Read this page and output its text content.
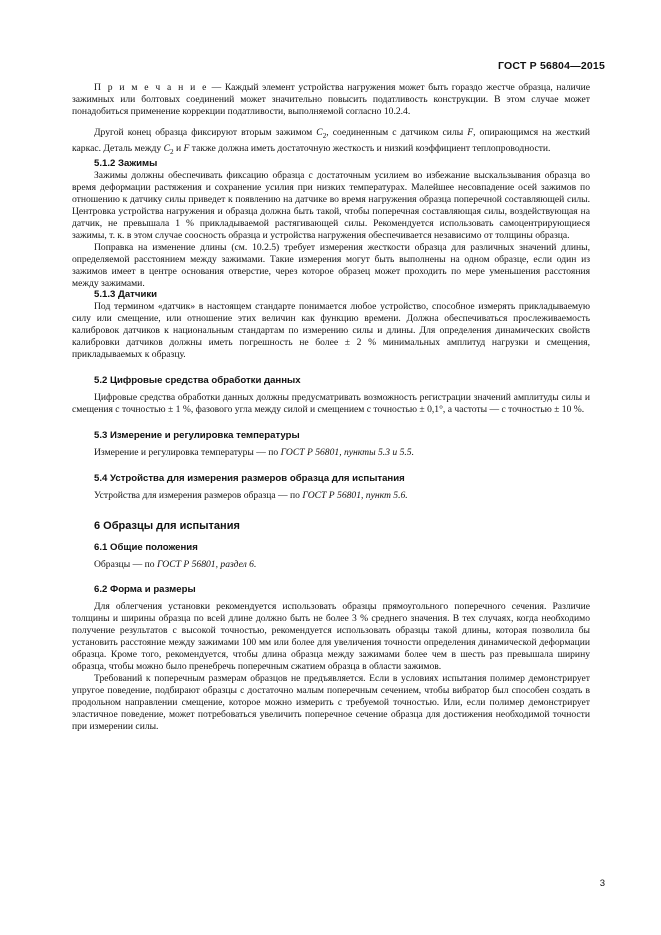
ГОСТ Р 56804—2015

П р и м е ч а н и е — Каждый элемент устройства нагружения может быть гораздо жестче образца, наличие зажимных или болтовых соединений может значительно повысить податливость конструкции. В этом случае может понадобиться применение коррекции податливости, выполняемой согласно 10.2.4.

Другой конец образца фиксируют вторым зажимом $C_2$, соединенным с датчиком силы F, опирающимся на жесткий каркас. Деталь между $C_2$ и F также должна иметь достаточную жесткость и низкий коэффициент теплопроводности.

5.1.2 Зажимы

Зажимы должны обеспечивать фиксацию образца с достаточным усилием во избежание выскальзывания образца во время деформации растяжения и сохранение усилия при низких температурах. Малейшее несовпадение осей зажимов по отношению к датчику силы приведет к появлению на датчике во время нагружения образца поперечной составляющей силы. Центровка устройства нагружения и образца должна быть такой, чтобы поперечная составляющая силы, воздействующая на датчик, не превышала 1 % прикладываемой растягивающей силы. Рекомендуется использовать самоцентрирующиеся зажимы, т. к. в этом случае соосность образца и устройства нагружения обеспечивается независимо от толщины образца.

Поправка на изменение длины (см. 10.2.5) требует измерения жесткости образца для различных значений длины, определяемой расстоянием между зажимами. Такие измерения могут быть выполнены на одном образце, если один из зажимов имеет в центре основания отверстие, через которое образец может проходить по мере уменьшения расстояния между зажимами.

5.1.3 Датчики

Под термином «датчик» в настоящем стандарте понимается любое устройство, способное измерять прикладываемую силу или смещение, или отношение этих величин как функцию времени. Должна обеспечиваться прослеживаемость калибровок датчиков к национальным стандартам по измерению силы и длины. Для определения динамических свойств калибровки датчиков должны иметь погрешность не более ± 2 % минимальных амплитуд нагрузки и смещения, прикладываемых к образцу.

5.2 Цифровые средства обработки данных

Цифровые средства обработки данных должны предусматривать возможность регистрации значений амплитуды силы и смещения с точностью ± 1 %, фазового угла между силой и смещением с точностью ± 0,1°, а частоты — с точностью ± 10 %.

5.3 Измерение и регулировка температуры

Измерение и регулировка температуры — по ГОСТ Р 56801, пункты 5.3 и 5.5.

5.4 Устройства для измерения размеров образца для испытания

Устройства для измерения размеров образца — по ГОСТ Р 56801, пункт 5.6.

6 Образцы для испытания
6.1 Общие положения

Образцы — по ГОСТ Р 56801, раздел 6.

6.2 Форма и размеры

Для облегчения установки рекомендуется использовать образцы прямоугольного поперечного сечения. Различие толщины и ширины образца по всей длине должно быть не более 3 % среднего значения. В тех случаях, когда необходимо получение результатов с высокой точностью, рекомендуется использовать образцы такой длины, которая позволила бы установить расстояние между зажимами 100 мм или более для увеличения точности определения динамической деформации образца. Кроме того, рекомендуется, чтобы длина образца между зажимами более чем в шесть раз превышала ширину образца, чтобы можно было пренебречь поперечным сжатием образца в области зажимов.

Требований к поперечным размерам образцов не предъявляется. Если в условиях испытания полимер демонстрирует упругое поведение, подбирают образцы с достаточно малым поперечным сечением, чтобы вибратор был способен создать в продольном направлении смещение, которое можно измерить с требуемой точностью. Или, если полимер демонстрирует эластичное поведение, может потребоваться увеличить поперечное сечение образца для достижения необходимой точности при измерении силы.

3
